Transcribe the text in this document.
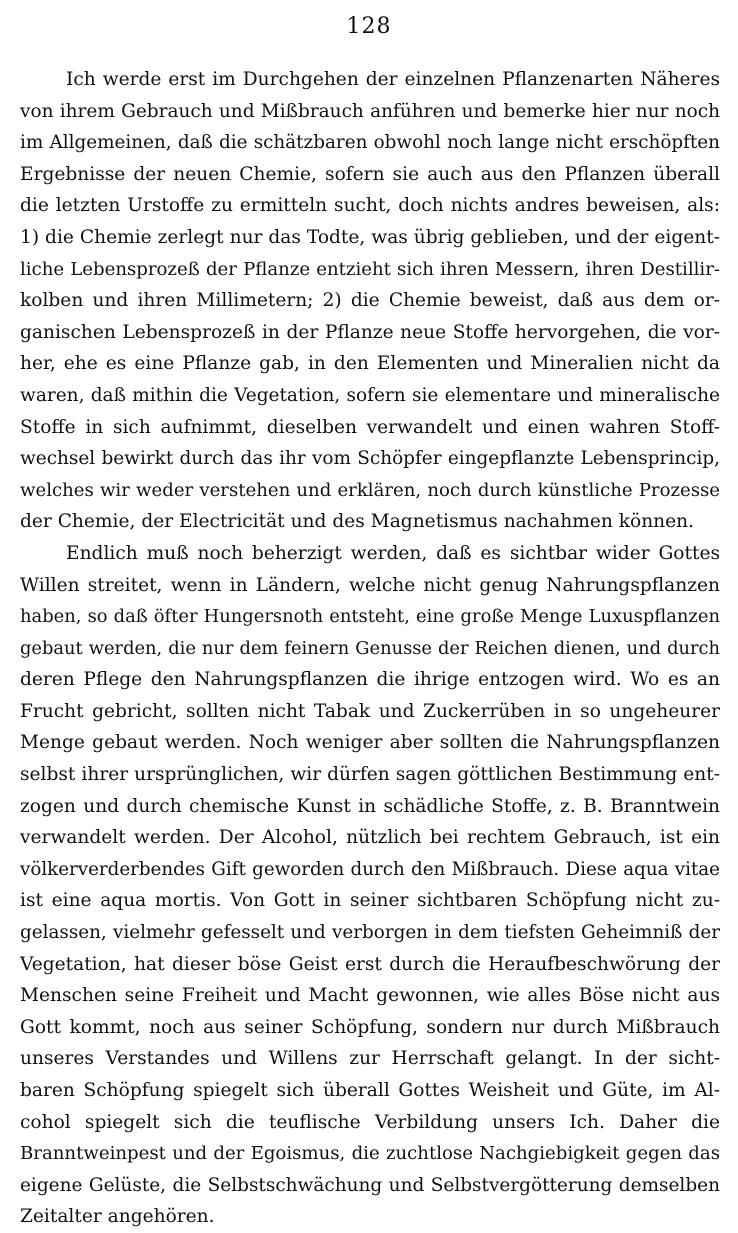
128

Ich werde erst im Durchgehen der einzelnen Pflanzenarten Näheres
von ihrem Gebrauch und Mißbrauch anführen und bemerke hier nur noch
im Allgemeinen, daß die schätzbaren obwohl noch lange nicht erschöpften
Ergebnisse der neuen Chemie, sofern sie auch aus den Pflanzen überall
die letzten Urstoffe zu ermitteln sucht, doch nichts andres beweisen, als:
1) die Chemie zerlegt nur das Todte, was übrig geblieben, und der eigent-
liche Lebensprozeß der Pflanze entzieht sich ihren Messern, ihren Destillir-
kolben und ihren Millimetern; 2) die Chemie beweist, daß aus dem or-
ganischen Lebensprozeß in der Pflanze neue Stoffe hervorgehen, die vor-
her, ehe es eine Pflanze gab, in den Elementen und Mineralien nicht da
waren, daß mithin die Vegetation, sofern sie elementare und mineralische
Stoffe in sich aufnimmt, dieselben verwandelt und einen wahren Stoff-
wechsel bewirkt durch das ihr vom Schöpfer eingepflanzte Lebensprincip,
welches wir weder verstehen und erklären, noch durch künstliche Prozesse
der Chemie, der Electricität und des Magnetismus nachahmen können.

Endlich muß noch beherzigt werden, daß es sichtbar wider Gottes
Willen streitet, wenn in Ländern, welche nicht genug Nahrungspflanzen
haben, so daß öfter Hungersnoth entsteht, eine große Menge Luxuspflanzen
gebaut werden, die nur dem feinern Genusse der Reichen dienen, und durch
deren Pflege den Nahrungspflanzen die ihrige entzogen wird. Wo es an
Frucht gebricht, sollten nicht Tabak und Zuckerrüben in so ungeheurer
Menge gebaut werden. Noch weniger aber sollten die Nahrungspflanzen
selbst ihrer ursprünglichen, wir dürfen sagen göttlichen Bestimmung ent-
zogen und durch chemische Kunst in schädliche Stoffe, z. B. Branntwein
verwandelt werden. Der Alcohol, nützlich bei rechtem Gebrauch, ist ein
völkerverderbendes Gift geworden durch den Mißbrauch. Diese aqua vitae
ist eine aqua mortis. Von Gott in seiner sichtbaren Schöpfung nicht zu-
gelassen, vielmehr gefesselt und verborgen in dem tiefsten Geheimniß der
Vegetation, hat dieser böse Geist erst durch die Heraufbeschwörung der
Menschen seine Freiheit und Macht gewonnen, wie alles Böse nicht aus
Gott kommt, noch aus seiner Schöpfung, sondern nur durch Mißbrauch
unseres Verstandes und Willens zur Herrschaft gelangt. In der sicht-
baren Schöpfung spiegelt sich überall Gottes Weisheit und Güte, im Al-
cohol spiegelt sich die teuflische Verbildung unsers Ich. Daher die
Branntweinpest und der Egoismus, die zuchtlose Nachgiebigkeit gegen das
eigene Gelüste, die Selbstschwächung und Selbstvergötterung demselben
Zeitalter angehören.
